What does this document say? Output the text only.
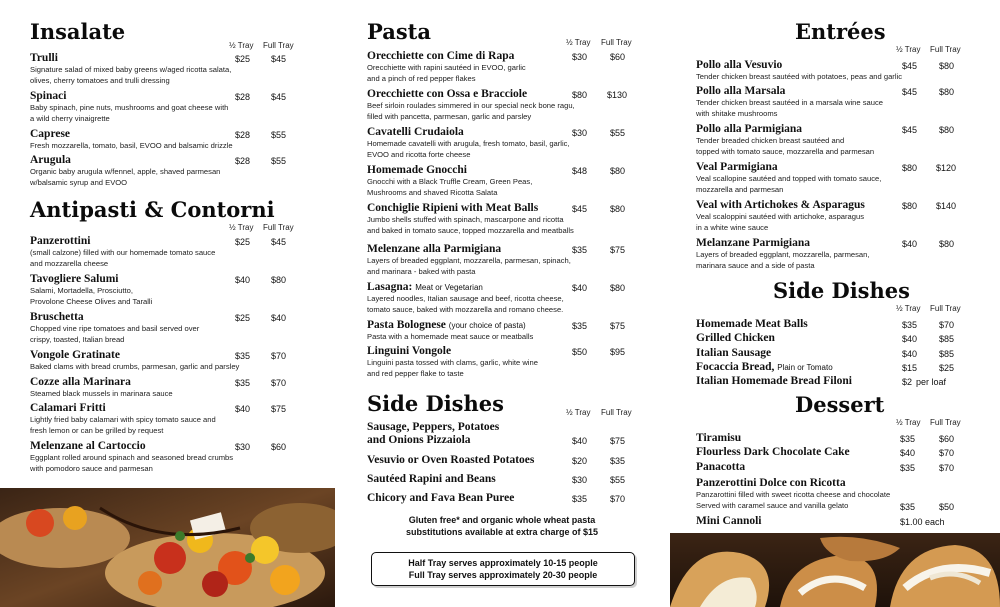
Insalate
½ Tray Full Tray
Trulli
Signature salad of mixed baby greens w/aged ricotta salata,
olives, cherry tomatoes and trulli dressing
$25 $45
Spinaci
Baby spinach, pine nuts, mushrooms and goat cheese with
a wild cherry vinaigrette
$28 $45
Caprese
Fresh mozzarella, tomato, basil, EVOO and balsamic drizzle
$28 $55
Arugula
Organic baby arugula w/fennel, apple, shaved parmesan
w/balsamic syrup and EVOO
$28 $55
Antipasti & Contorni
½ Tray Full Tray
Panzerottini
(small calzone) filled with our homemade tomato sauce
and mozzarella cheese
$25 $45
Tavogliere Salumi
Salami, Mortadella, Prosciutto,
Provolone Cheese Olives and Taralli
$40 $80
Bruschetta
Chopped vine ripe tomatoes and basil served over
crispy, toasted, Italian bread
$25 $40
Vongole Gratinate
Baked clams with bread crumbs, parmesan, garlic and parsley
$35 $70
Cozze alla Marinara
Steamed black mussels in marinara sauce
$35 $70
Calamari Fritti
Lightly fried baby calamari with spicy tomato sauce and
fresh lemon or can be grilled by request
$40 $75
Melenzane al Cartoccio
Eggplant rolled around spinach and seasoned bread crumbs
with pomodoro sauce and parmesan
$30 $60
Pasta	½ Tray Full Tray
Orecchiette con Cime di Rapa
Orecchiette with rapini sautéed in EVOO, garlic
and a pinch of red pepper flakes
$30	$60
Orecchiette con Ossa e Bracciole
Beef sirloin roulades simmered in our special neck bone ragu,
filled with pancetta, parmesan, garlic and parsley
$80 $130
Cavatelli Crudaiola
Homemade cavatelli with arugula, fresh tomato, basil, garlic,
EVOO and ricotta forte cheese
$30	$55
Homemade Gnocchi
Gnocchi with a Black Truffle Cream, Green Peas,
Mushrooms and shaved Ricotta Salata
$48	$80
Conchiglie Ripieni with Meat Balls
Jumbo shells stuffed with spinach, mascarpone and ricotta
and baked in tomato sauce, topped mozzarella and meatballs
$45	$80
Melenzane alla Parmigiana
Layers of breaded eggplant, mozzarella, parmesan, spinach,
and marinara - baked with pasta
$35	$75
Lasagna: Meat or Vegetarian
Layered noodles, Italian sausage and beef, ricotta cheese,
tomato sauce, baked with mozzarella and romano cheese.
$40	$80
Pasta Bolognese (your choice of pasta)
Pasta with a homemade meat sauce or meatballs
$35	$75
Linguini Vongole
Linguini pasta tossed with clams, garlic, white wine
and red pepper flake to taste
$50	$95
Side Dishes	½ Tray Full Tray
Sausage, Peppers, Potatoes
and Onions Pizzaiola	$40	$75
Vesuvio or Oven Roasted Potatoes	$20	$35
Sautéed Rapini and Beans	$30	$55
Chicory and Fava Bean Puree	$35	$70
Gluten free* and organic whole wheat pasta
substitutions available at extra charge of $15
Half Tray serves approximately 10-15 people
Full Tray serves approximately 20-30 people
Entrées
½ Tray Full Tray
Pollo alla Vesuvio
Tender chicken breast sautéed with potatoes, peas and garlic
$45 $80
Pollo alla Marsala
Tender chicken breast sautéed in a marsala wine sauce
with shitake mushrooms
$45 $80
Pollo alla Parmigiana
Tender breaded chicken breast sautéed and
topped with tomato sauce, mozzarella and parmesan
$45 $80
Veal Parmigiana
Veal scallopine sautéed and topped with tomato sauce,
mozzarella and parmesan
$80 $120
Veal with Artichokes & Asparagus
Veal scaloppini sautéed with artichoke, asparagus
in a white wine sauce
$80 $140
Melanzane Parmigiana
Layers of breaded eggplant, mozzarella, parmesan,
marinara sauce and a side of pasta
$40 $80
Side Dishes
½ Tray Full Tray
Homemade Meat Balls	$35 $70
Grilled Chicken	$40 $85
Italian Sausage	$40 $85
Focaccia Bread, Plain or Tomato	$15 $25
Italian Homemade Bread Filoni	$2 per loaf
Dessert
½ Tray Full Tray
Tiramisu	$35	$60
Flourless Dark Chocolate Cake	$40	$70
Panacotta	$35	$70
Panzerottini Dolce con Ricotta
Panzarottini filled with sweet ricotta cheese and chocolate
Served with caramel sauce and vanilla gelato	$35	$50
Mini Cannoli	$1.00 each
